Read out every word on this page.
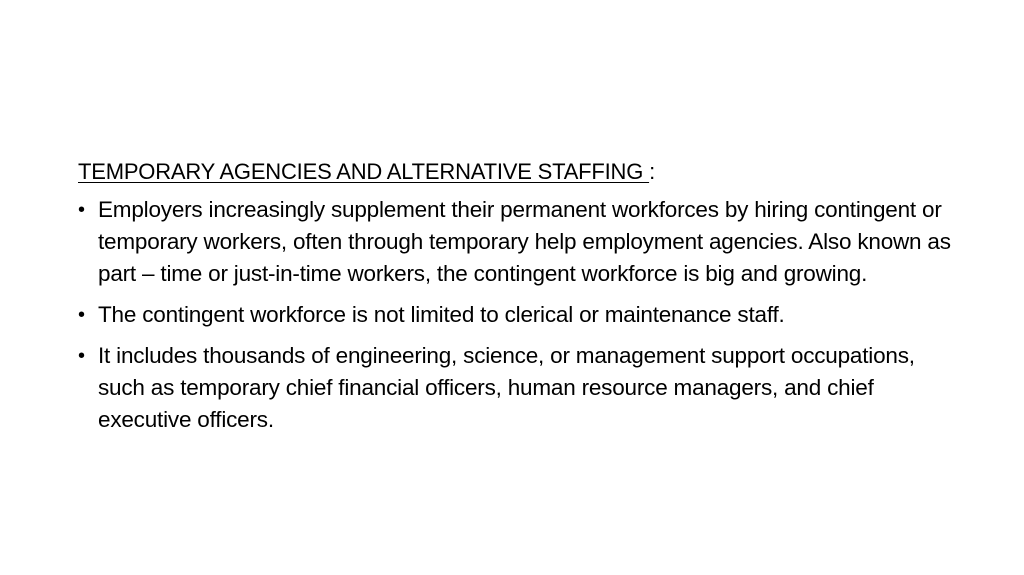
TEMPORARY AGENCIES AND ALTERNATIVE STAFFING :

• Employers increasingly supplement their permanent workforces by hiring contingent or temporary workers, often through temporary help employment agencies. Also known as part – time or just-in-time workers, the contingent workforce is big and growing.
• The contingent workforce is not limited to clerical or maintenance staff.
• It includes thousands of engineering, science, or management support occupations, such as temporary chief financial officers, human resource managers, and chief executive officers.
